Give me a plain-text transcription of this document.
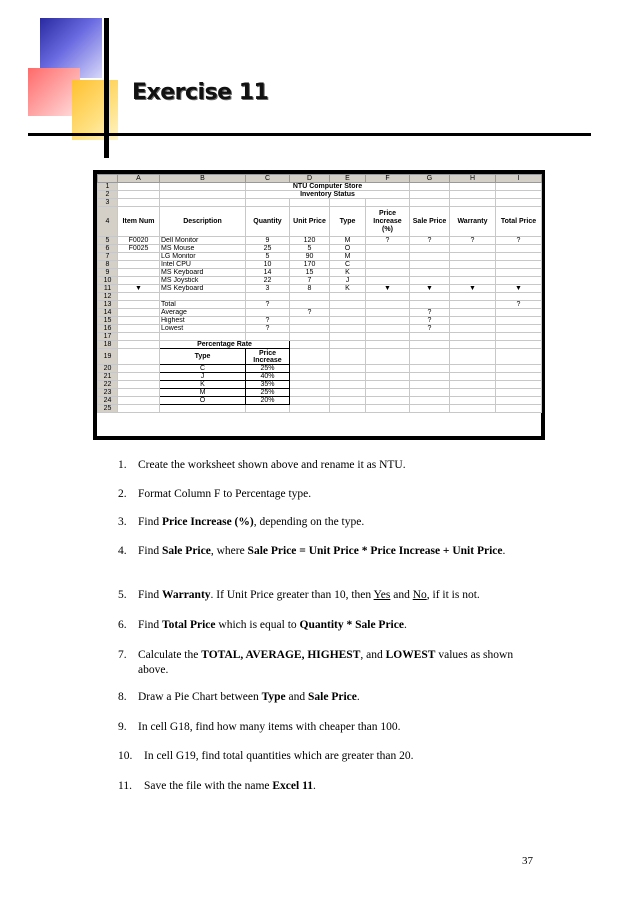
Exercise 11
	A	B	C	D	E	F	G	H	I
1			NTU Computer Store						
2			Inventory Status						
3									
4	Item Num	Description	Quantity	Unit Price	Type	Price Increase (%)	Sale Price	Warranty	Total Price
5	F0020	Dell Monitor	9	120	M	?	?	?	?
6	F0025	MS Mouse	25	5	O				
7		LG Monitor	5	90	M				
8		Intel CPU	10	170	C				
9		MS Keyboard	14	15	K				
10		MS Joystick	22	7	J				
11	▼	MS Keyboard	3	8	K	▼	▼	▼	▼
12									
13		Total	?						?
14		Average		?			?		
15		Highest	?				?		
16		Lowest	?				?		
17									
18		Percentage Rate							
19		Type	Price Increase						
20		C	25%						
21		J	40%						
22		K	35%						
23		M	25%						
24		O	20%						
25									
1. Create the worksheet shown above and rename it as NTU.
2. Format Column F to Percentage type.
3. Find Price Increase (%), depending on the type.
4. Find Sale Price, where Sale Price = Unit Price * Price Increase + Unit Price.
5. Find Warranty. If Unit Price greater than 10, then Yes and No, if it is not.
6. Find Total Price which is equal to Quantity * Sale Price.
7. Calculate the TOTAL, AVERAGE, HIGHEST, and LOWEST values as shown above.
8. Draw a Pie Chart between Type and Sale Price.
9. In cell G18, find how many items with cheaper than 100.
10. In cell G19, find total quantities which are greater than 20.
11. Save the file with the name Excel 11.
37
